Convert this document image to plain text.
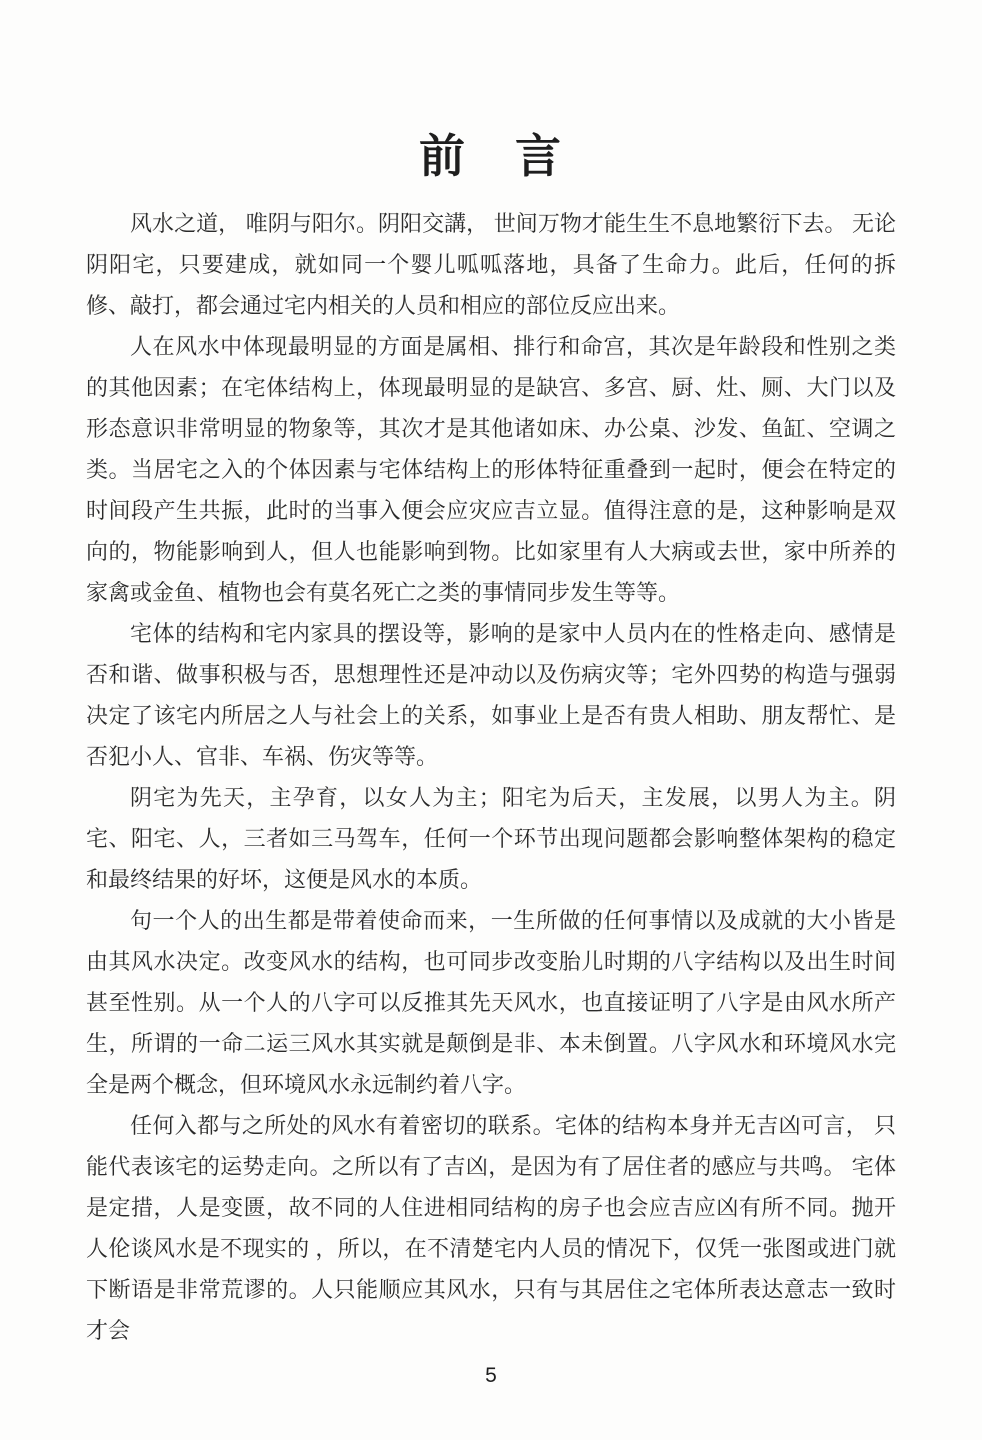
前　言

风水之道， 唯阴与阳尔。阴阳交講， 世间万物才能生生不息地繁衍下去。 无论阴阳宅，只要建成，就如同一个婴儿呱呱落地，具备了生命力。此后，任何的拆修、敲打，都会通过宅内相关的人员和相应的部位反应出来。

人在风水中体现最明显的方面是属相、排行和命宫，其次是年龄段和性别之类的其他因素；在宅体结构上，体现最明显的是缺宫、多宫、厨、灶、厕、大门以及形态意识非常明显的物象等，其次才是其他诸如床、办公桌、沙发、鱼缸、空调之类。当居宅之入的个体因素与宅体结构上的形体特征重叠到一起时，便会在特定的时间段产生共振，此时的当事入便会应灾应吉立显。值得注意的是，这种影响是双向的，物能影响到人，但人也能影响到物。比如家里有人大病或去世，家中所养的家禽或金鱼、植物也会有莫名死亡之类的事情同步发生等等。

宅体的结构和宅内家具的摆设等，影响的是家中人员内在的性格走向、感情是否和谐、做事积极与否，思想理性还是冲动以及伤病灾等；宅外四势的构造与强弱决定了该宅内所居之人与社会上的关系，如事业上是否有贵人相助、朋友帮忙、是否犯小人、官非、车祸、伤灾等等。

阴宅为先天，主孕育，以女人为主；阳宅为后天，主发展，以男人为主。阴宅、阳宅、人，三者如三马驾车，任何一个环节出现问题都会影响整体架构的稳定和最终结果的好坏，这便是风水的本质。

句一个人的出生都是带着使命而来，一生所做的任何事情以及成就的大小皆是由其风水决定。改变风水的结构，也可同步改变胎儿时期的八字结构以及出生时间甚至性别。从一个人的八字可以反推其先天风水，也直接证明了八字是由风水所产生，所谓的一命二运三风水其实就是颠倒是非、本未倒置。八字风水和环境风水完全是两个概念，但环境风水永远制约着八字。

任何入都与之所处的风水有着密切的联系。宅体的结构本身并无吉凶可言， 只能代表该宅的运势走向。之所以有了吉凶，是因为有了居住者的感应与共鸣。 宅体是定措，人是变匮，故不同的人住进相同结构的房子也会应吉应凶有所不同。抛开人伦谈风水是不现实的 ，所以，在不清楚宅内人员的情况下，仅凭一张图或进门就下断语是非常荒谬的。人只能顺应其风水，只有与其居住之宅体所表达意志一致时才会

5
